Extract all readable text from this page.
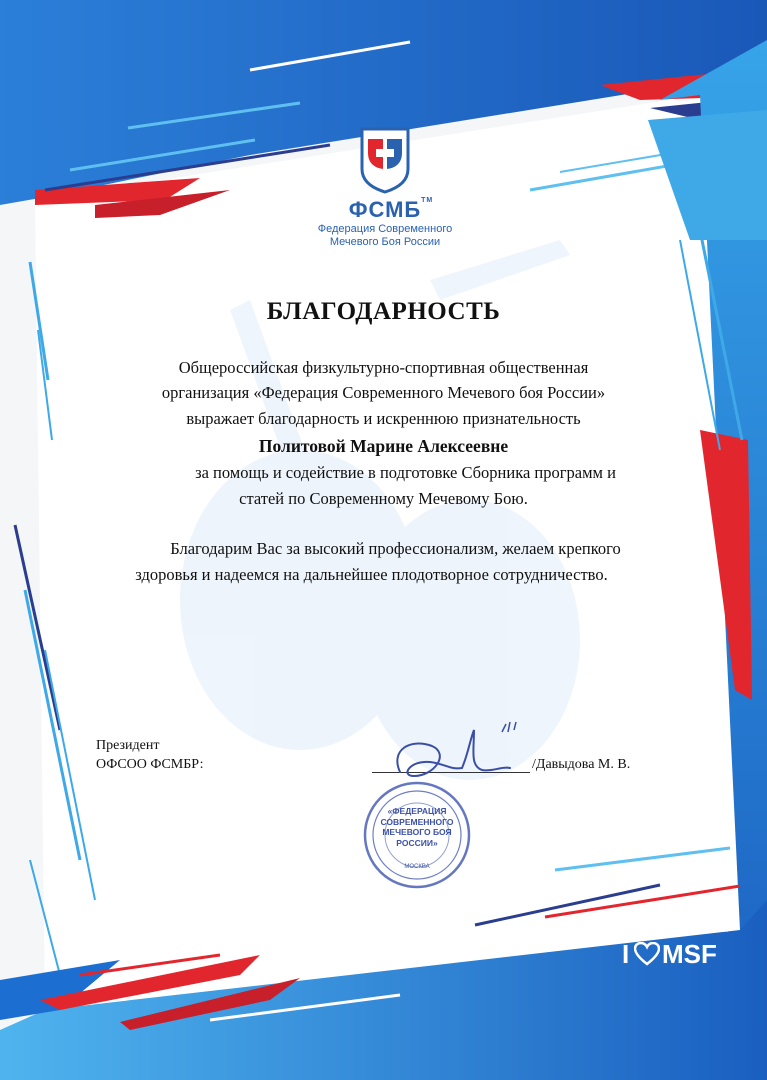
ФСМБ TM
Федерация Современного
Мечевого Боя России
БЛАГОДАРНОСТЬ
Общероссийская физкультурно-спортивная общественная
организация «Федерация Современного Мечевого боя России»
выражает благодарность и искреннюю признательность
Политовой Марине Алексеевне
за помощь и содействие в подготовке Сборника программ и
статей по Современному Мечевому Бою.
Благодарим Вас за высокий профессионализм, желаем крепкого
здоровья и надеемся на дальнейшее плодотворное сотрудничество.
Президент
ОФСОО ФСМБР:	/Давыдова М. В.
«ФЕДЕРАЦИЯ СОВРЕМЕННОГО МЕЧЕВОГО БОЯ РОССИИ»
МОСКВА
www.IFMSF.com
I MSF
